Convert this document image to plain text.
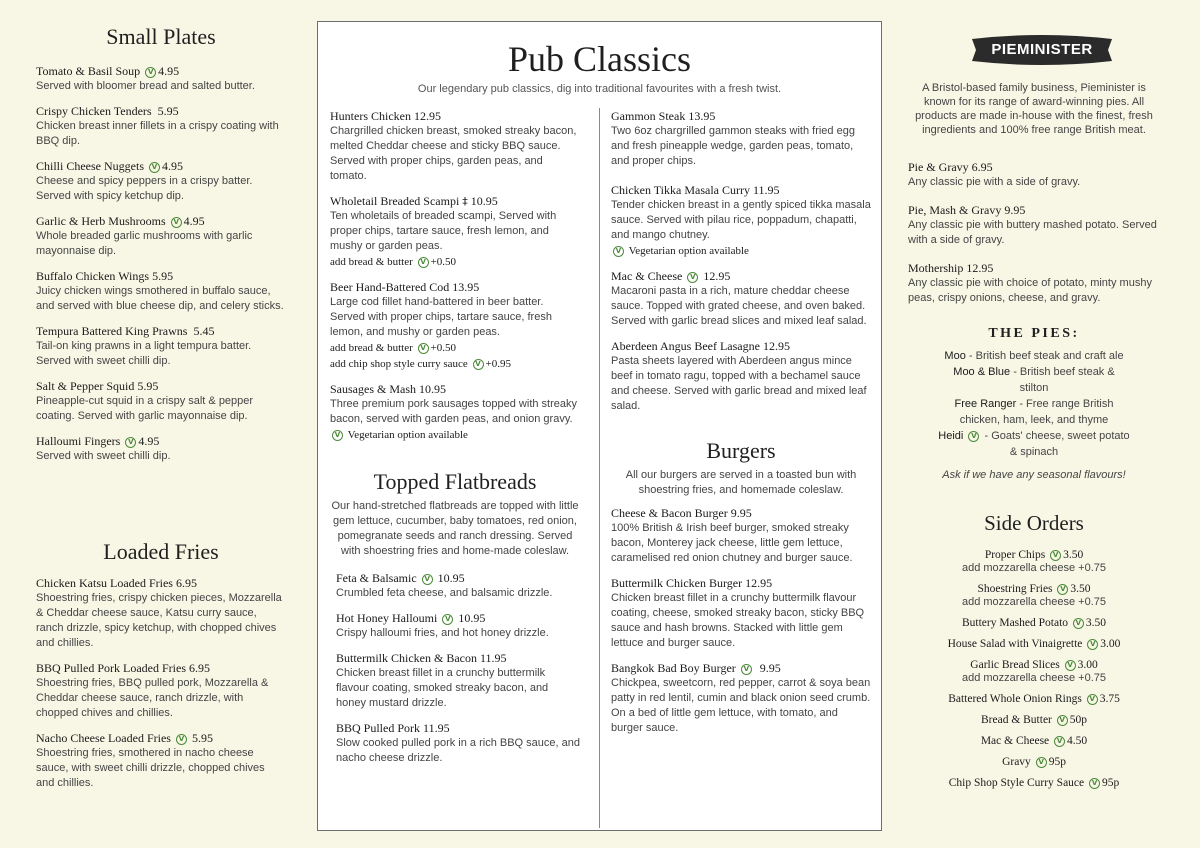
Small Plates
Tomato & Basil Soup V 4.95
Served with bloomer bread and salted butter.
Crispy Chicken Tenders 5.95
Chicken breast inner fillets in a crispy coating with BBQ dip.
Chilli Cheese Nuggets V 4.95
Cheese and spicy peppers in a crispy batter. Served with spicy ketchup dip.
Garlic & Herb Mushrooms V 4.95
Whole breaded garlic mushrooms with garlic mayonnaise dip.
Buffalo Chicken Wings 5.95
Juicy chicken wings smothered in buffalo sauce, and served with blue cheese dip, and celery sticks.
Tempura Battered King Prawns 5.45
Tail-on king prawns in a light tempura batter. Served with sweet chilli dip.
Salt & Pepper Squid 5.95
Pineapple-cut squid in a crispy salt & pepper coating. Served with garlic mayonnaise dip.
Halloumi Fingers V 4.95
Served with sweet chilli dip.
Loaded Fries
Chicken Katsu Loaded Fries 6.95
Shoestring fries, crispy chicken pieces, Mozzarella & Cheddar cheese sauce, Katsu curry sauce, ranch drizzle, spicy ketchup, with chopped chives and chillies.
BBQ Pulled Pork Loaded Fries 6.95
Shoestring fries, BBQ pulled pork, Mozzarella & Cheddar cheese sauce, ranch drizzle, with chopped chives and chillies.
Nacho Cheese Loaded Fries V 5.95
Shoestring fries, smothered in nacho cheese sauce, with sweet chilli drizzle, chopped chives and chillies.
Pub Classics
Our legendary pub classics, dig into traditional favourites with a fresh twist.
Hunters Chicken 12.95
Chargrilled chicken breast, smoked streaky bacon, melted Cheddar cheese and sticky BBQ sauce. Served with proper chips, garden peas, and tomato.
Wholetail Breaded Scampi ‡ 10.95
Ten wholetails of breaded scampi, Served with proper chips, tartare sauce, fresh lemon, and mushy or garden peas.
add bread & butter V +0.50
Beer Hand-Battered Cod 13.95
Large cod fillet hand-battered in beer batter. Served with proper chips, tartare sauce, fresh lemon, and mushy or garden peas.
add bread & butter V +0.50
add chip shop style curry sauce V +0.95
Sausages & Mash 10.95
Three premium pork sausages topped with streaky bacon, served with garden peas, and onion gravy.
V Vegetarian option available
Topped Flatbreads
Our hand-stretched flatbreads are topped with little gem lettuce, cucumber, baby tomatoes, red onion, pomegranate seeds and ranch dressing. Served with shoestring fries and home-made coleslaw.
Feta & Balsamic V 10.95
Crumbled feta cheese, and balsamic drizzle.
Hot Honey Halloumi V 10.95
Crispy halloumi fries, and hot honey drizzle.
Buttermilk Chicken & Bacon 11.95
Chicken breast fillet in a crunchy buttermilk flavour coating, smoked streaky bacon, and honey mustard drizzle.
BBQ Pulled Pork 11.95
Slow cooked pulled pork in a rich BBQ sauce, and nacho cheese drizzle.
Gammon Steak 13.95
Two 6oz chargrilled gammon steaks with fried egg and fresh pineapple wedge, garden peas, tomato, and proper chips.
Chicken Tikka Masala Curry 11.95
Tender chicken breast in a gently spiced tikka masala sauce. Served with pilau rice, poppadum, chapatti, and mango chutney.
V Vegetarian option available
Mac & Cheese V 12.95
Macaroni pasta in a rich, mature cheddar cheese sauce. Topped with grated cheese, and oven baked. Served with garlic bread slices and mixed leaf salad.
Aberdeen Angus Beef Lasagne 12.95
Pasta sheets layered with Aberdeen angus mince beef in tomato ragu, topped with a bechamel sauce and cheese. Served with garlic bread and mixed leaf salad.
Burgers
All our burgers are served in a toasted bun with shoestring fries, and homemade coleslaw.
Cheese & Bacon Burger 9.95
100% British & Irish beef burger, smoked streaky bacon, Monterey jack cheese, little gem lettuce, caramelised red onion chutney and burger sauce.
Buttermilk Chicken Burger 12.95
Chicken breast fillet in a crunchy buttermilk flavour coating, cheese, smoked streaky bacon, sticky BBQ sauce and hash browns. Stacked with little gem lettuce and burger sauce.
Bangkok Bad Boy Burger V 9.95
Chickpea, sweetcorn, red pepper, carrot & soya bean patty in red lentil, cumin and black onion seed crumb. On a bed of little gem lettuce, with tomato, and burger sauce.
PIEMINISTER
A Bristol-based family business, Pieminister is known for its range of award-winning pies. All products are made in-house with the finest, fresh ingredients and 100% free range British meat.
Pie & Gravy 6.95
Any classic pie with a side of gravy.
Pie, Mash & Gravy 9.95
Any classic pie with buttery mashed potato. Served with a side of gravy.
Mothership 12.95
Any classic pie with choice of potato, minty mushy peas, crispy onions, cheese, and gravy.
THE PIES:
Moo - British beef steak and craft ale
Moo & Blue - British beef steak & stilton
Free Ranger - Free range British chicken, ham, leek, and thyme
Heidi V - Goats' cheese, sweet potato & spinach
Ask if we have any seasonal flavours!
Side Orders
Proper Chips V 3.50
add mozzarella cheese +0.75
Shoestring Fries V 3.50
add mozzarella cheese +0.75
Buttery Mashed Potato V 3.50
House Salad with Vinaigrette V 3.00
Garlic Bread Slices V 3.00
add mozzarella cheese +0.75
Battered Whole Onion Rings V 3.75
Bread & Butter V 50p
Mac & Cheese V 4.50
Gravy V 95p
Chip Shop Style Curry Sauce V 95p
